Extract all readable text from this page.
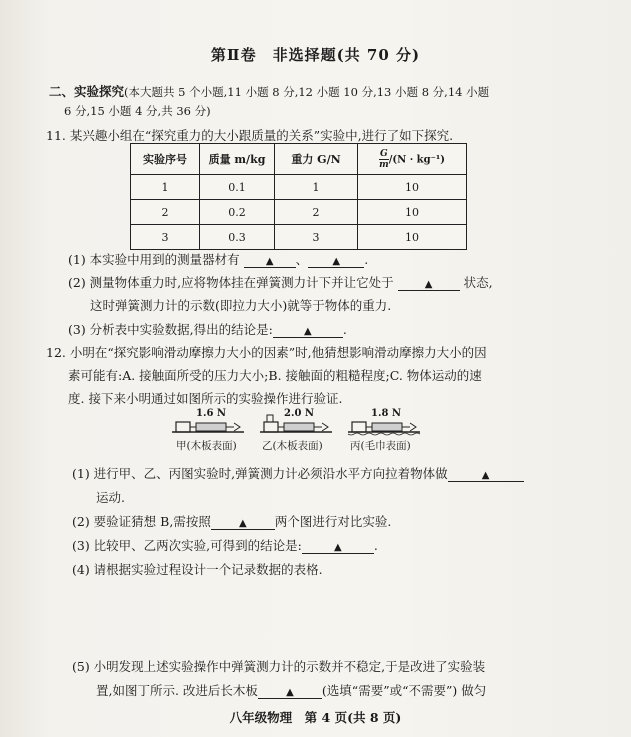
第Ⅱ卷　非选择题(共 70 分)
二、实验探究(本大题共 5 个小题,11 小题 8 分,12 小题 10 分,13 小题 8 分,14 小题
6 分,15 小题 4 分,共 36 分)
11. 某兴趣小组在“探究重力的大小跟质量的关系”实验中,进行了如下探究.
实验序号	质量 m/kg	重力 G/N	$\frac{G}{m} /(N \cdot kg^{-1})$
1	0.1	1	10
2	0.2	2	10
3	0.3	3	10
(1) 本实验中用到的测量器材有	▲ 、 ▲ .
(2) 测量物体重力时,应将物体挂在弹簧测力计下并让它处于	▲ 状态,
这时弹簧测力计的示数(即拉力大小)就等于物体的重力.
(3) 分析表中实验数据,得出的结论是:	▲ .
12. 小明在“探究影响滑动摩擦力大小的因素”时,他猜想影响滑动摩擦力大小的因
素可能有:A. 接触面所受的压力大小;B. 接触面的粗糙程度;C. 物体运动的速
度. 接下来小明通过如图所示的实验操作进行验证.
1.6 N	2.0 N	1.8 N
甲(木板表面) 乙(木板表面)	丙(毛巾表面)
(1) 进行甲、乙、丙图实验时,弹簧测力计必须沿水平方向拉着物体做	▲
运动.
(2) 要验证猜想 B,需按照	▲ 两个图进行对比实验.
(3) 比较甲、乙两次实验,可得到的结论是:	▲	.
(4) 请根据实验过程设计一个记录数据的表格.
(5) 小明发现上述实验操作中弹簧测力计的示数并不稳定,于是改进了实验装
置,如图丁所示. 改进后长木板	▲ (选填“需要”或“不需要”) 做匀
八年级物理　第 4 页(共 8 页)
